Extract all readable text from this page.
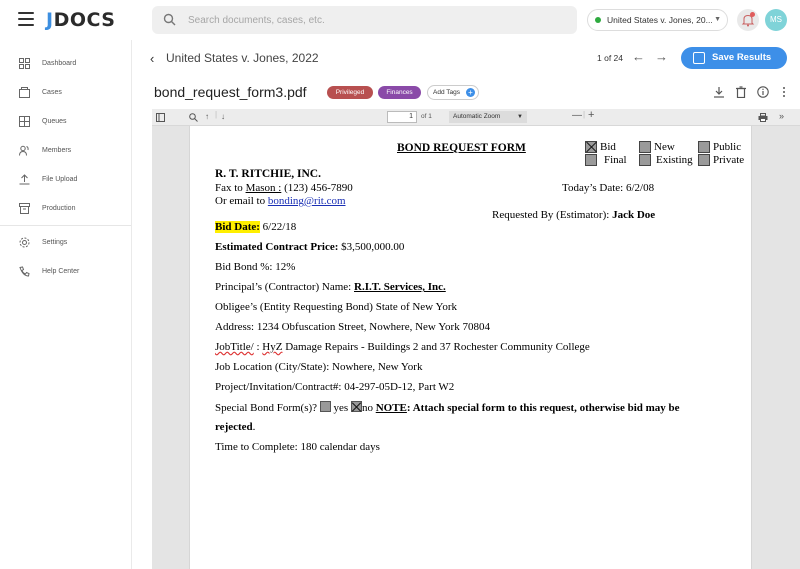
JDOCS
Search documents, cases, etc.	United States v. Jones, 20... ▼	MS
Dashboard
Cases
Queues
Members
File Upload
Production
Settings
Help Center
‹ United States v. Jones, 2022	1 of 24 ← →	Save Results
bond_request_form3.pdf	Privileged	Finances	Add Tags +
↑ | ↓	1	of 1	— | +
Automatic Zoom	▼	»
BOND REQUEST FORM	Bid	New	Public
Final	Existing Private
R. T. RITCHIE, INC.
Fax to Mason : (123) 456-7890	Today’s Date: 6/2/08
Or email to bonding@rit.com
Requested By (Estimator): Jack Doe
Bid Date: 6/22/18
Estimated Contract Price: $3,500,000.00
Bid Bond %: 12%
Principal’s (Contractor) Name: R.I.T. Services, Inc.
Obligee’s (Entity Requesting Bond) State of New York
Address: 1234 Obfuscation Street, Nowhere, New York 70804
JobTitle/ : HyZ Damage Repairs - Buildings 2 and 37 Rochester Community College
Job Location (City/State): Nowhere, New York
Project/Invitation/Contract#: 04-297-05D-12, Part W2
Special Bond Form(s)?  yes no NOTE: Attach special form to this request, otherwise bid may be
rejected.
Time to Complete: 180 calendar days
